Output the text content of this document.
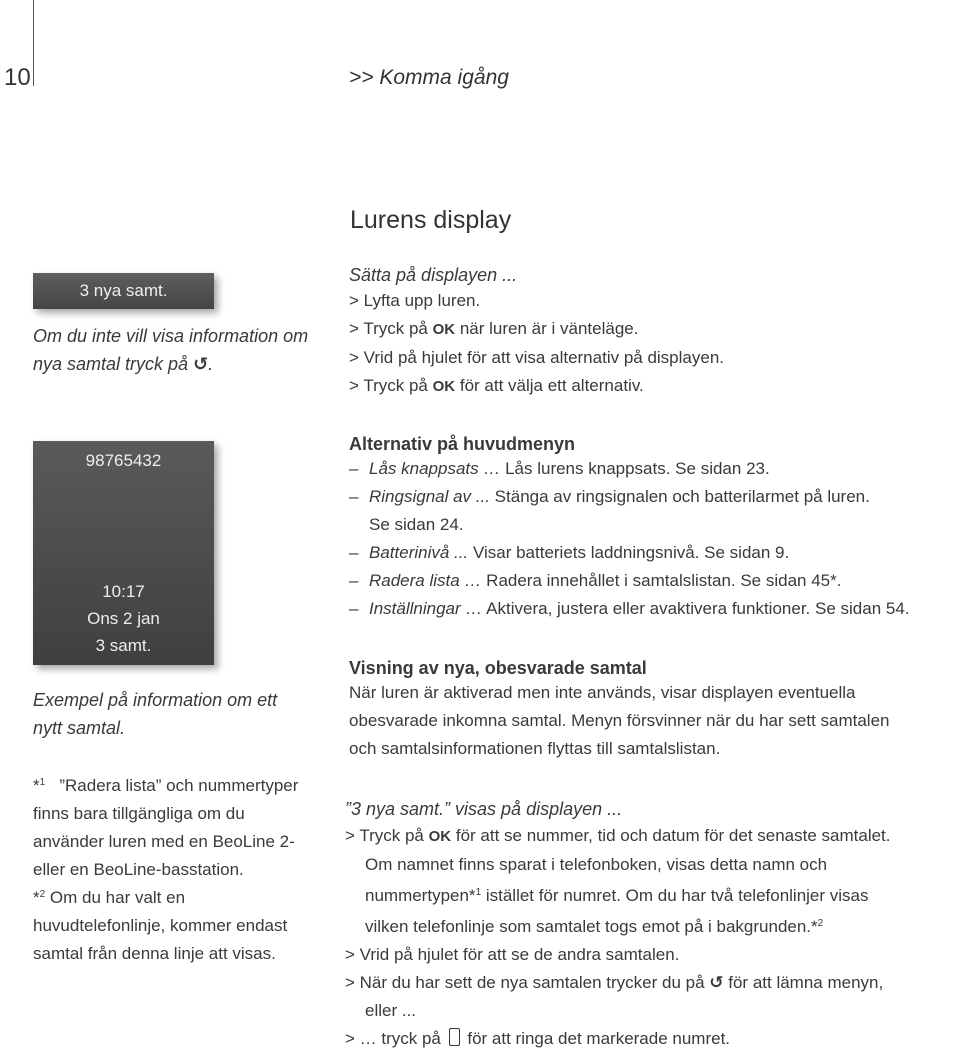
10	>> Komma igång
Lurens display
3 nya samt.
Om du inte vill visa information om
nya samtal tryck på ↺.
98765432
10:17
Ons 2 jan
3 samt.
Exempel på information om ett
nytt samtal.
*$^1$   ”Radera lista” och nummertyper
finns bara tillgängliga om du
använder luren med en BeoLine 2-
eller en BeoLine-basstation.
*$^2$ Om du har valt en
huvudtelefonlinje, kommer endast
samtal från denna linje att visas.
Sätta på displayen ...
> Lyfta upp luren.
> Tryck på OK när luren är i vänteläge.
> Vrid på hjulet för att visa alternativ på displayen.
> Tryck på OK för att välja ett alternativ.
Alternativ på huvudmenyn
– Lås knappsats … Lås lurens knappsats. Se sidan 23.
– Ringsignal av ... Stänga av ringsignalen och batterilarmet på luren.
Se sidan 24.
– Batterinivå ... Visar batteriets laddningsnivå. Se sidan 9.
– Radera lista … Radera innehållet i samtalslistan. Se sidan 45*.
– Inställningar … Aktivera, justera eller avaktivera funktioner. Se sidan 54.
Visning av nya, obesvarade samtal
När luren är aktiverad men inte används, visar displayen eventuella
obesvarade inkomna samtal. Menyn försvinner när du har sett samtalen
och samtalsinformationen flyttas till samtalslistan.
”3 nya samt.” visas på displayen ...
> Tryck på OK för att se nummer, tid och datum för det senaste samtalet.
Om namnet finns sparat i telefonboken, visas detta namn och
nummertypen*$^1$ istället för numret. Om du har två telefonlinjer visas
vilken telefonlinje som samtalet togs emot på i bakgrunden.*$^2$
> Vrid på hjulet för att se de andra samtalen.
> När du har sett de nya samtalen trycker du på ↺ för att lämna menyn,
eller ...
> … tryck på  för att ringa det markerade numret.
